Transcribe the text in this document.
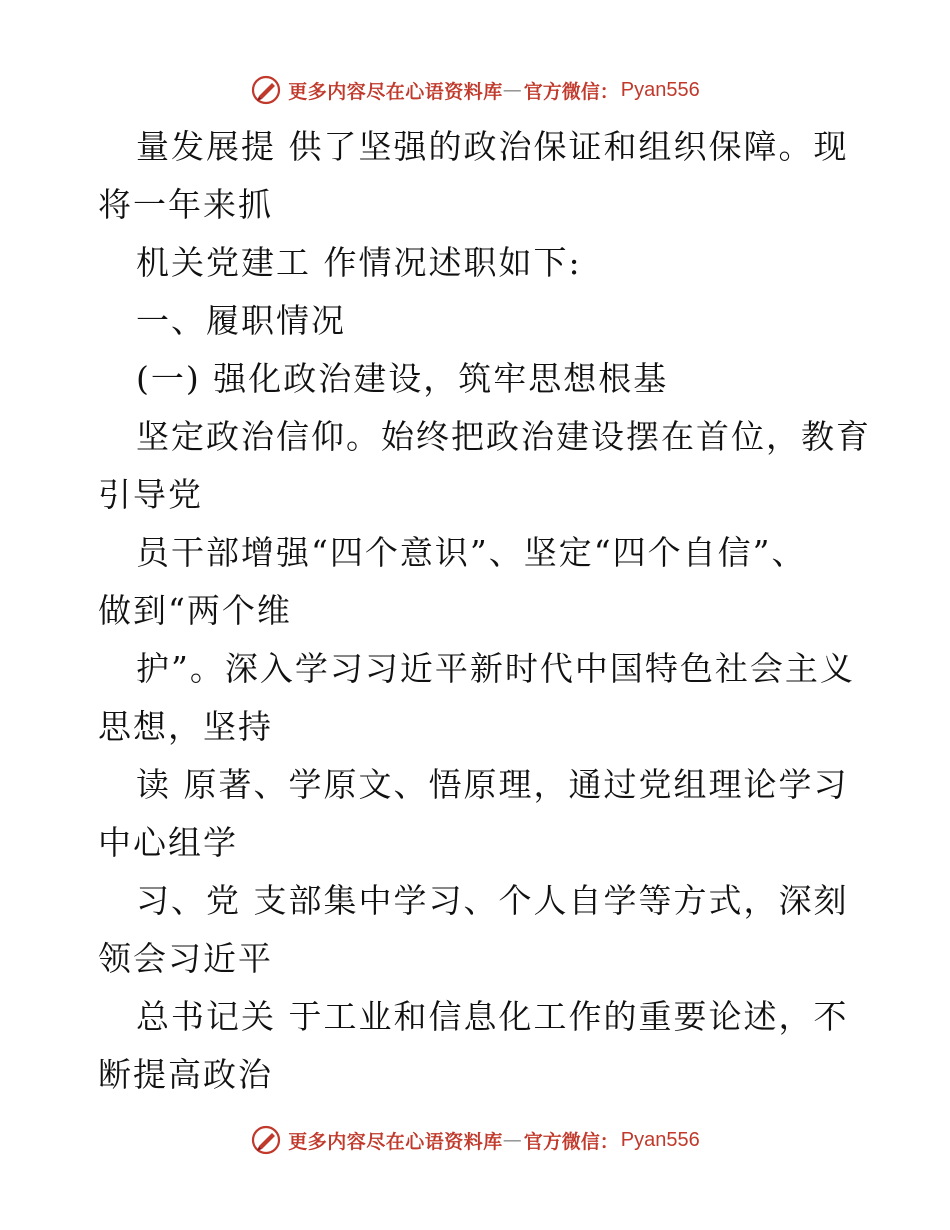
更多内容尽在心语资料库 — 官方微信： Pyan556
量发展提 供了坚强的政治保证和组织保障。现
将一年来抓
机关党建工 作情况述职如下:
一、履职情况
(一) 强化政治建设，筑牢思想根基
坚定政治信仰。始终把政治建设摆在首位，教育
引导党
员干部增强“四个意识”、坚定“四个自信”、
做到“两个维
护”。深入学习习近平新时代中国特色社会主义
思想，坚持
读 原著、学原文、悟原理，通过党组理论学习
中心组学
习、党 支部集中学习、个人自学等方式，深刻
领会习近平
总书记关 于工业和信息化工作的重要论述，不
断提高政治
更多内容尽在心语资料库 — 官方微信： Pyan556
